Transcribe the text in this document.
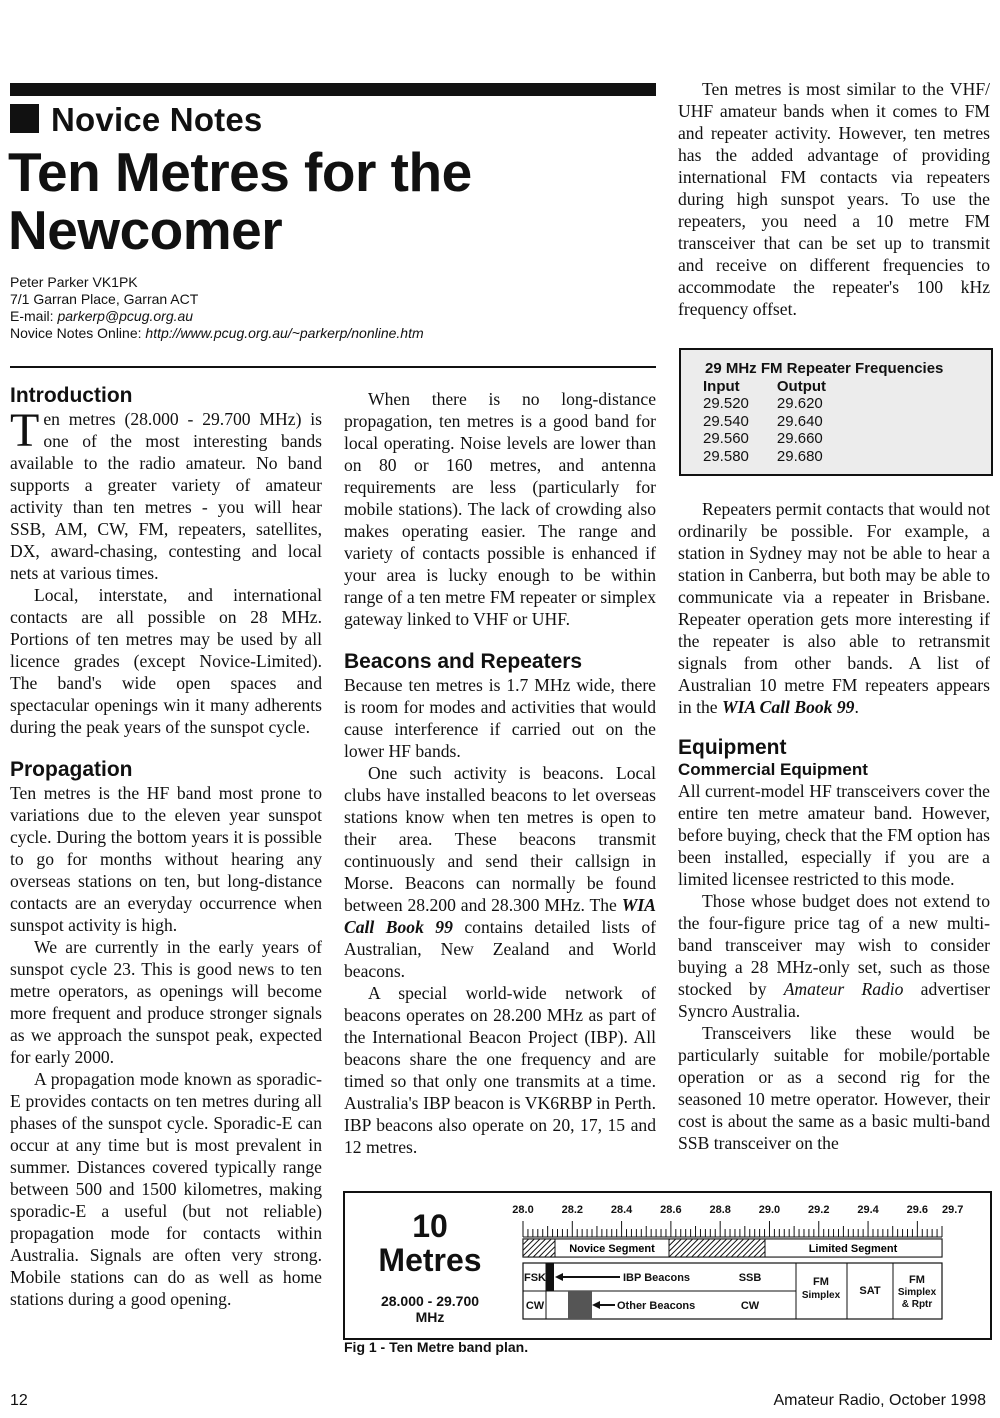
Novice Notes
Ten Metres for the Newcomer
Peter Parker VK1PK
7/1 Garran Place, Garran ACT
E-mail: parkerp@pcug.org.au
Novice Notes Online: http://www.pcug.org.au/~parkerp/nonline.htm
Introduction

Ten metres (28.000 - 29.700 MHz) is one of the most interesting bands available to the radio amateur. No band supports a greater variety of amateur activity than ten metres - you will hear SSB, AM, CW, FM, repeaters, satellites, DX, award-chasing, contesting and local nets at various times.

Local, interstate, and international contacts are all possible on 28 MHz. Portions of ten metres may be used by all licence grades (except Novice-Limited). The band's wide open spaces and spectacular openings win it many adherents during the peak years of the sunspot cycle.

Propagation

Ten metres is the HF band most prone to variations due to the eleven year sunspot cycle. During the bottom years it is possible to go for months without hearing any overseas stations on ten, but long-distance contacts are an everyday occurrence when sunspot activity is high.

We are currently in the early years of sunspot cycle 23. This is good news to ten metre operators, as openings will become more frequent and produce stronger signals as we approach the sunspot peak, expected for early 2000.

A propagation mode known as sporadic-E provides contacts on ten metres during all phases of the sunspot cycle. Sporadic-E can occur at any time but is most prevalent in summer. Distances covered typically range between 500 and 1500 kilometres, making sporadic-E a useful (but not reliable) propagation mode for contacts within Australia. Signals are often very strong. Mobile stations can do as well as home stations during a good opening.

When there is no long-distance propagation, ten metres is a good band for local operating. Noise levels are lower than on 80 or 160 metres, and antenna requirements are less (particularly for mobile stations). The lack of crowding also makes operating easier. The range and variety of contacts possible is enhanced if your area is lucky enough to be within range of a ten metre FM repeater or simplex gateway linked to VHF or UHF.

Beacons and Repeaters

Because ten metres is 1.7 MHz wide, there is room for modes and activities that would cause interference if carried out on the lower HF bands.

One such activity is beacons. Local clubs have installed beacons to let overseas stations know when ten metres is open to their area. These beacons transmit continuously and send their callsign in Morse. Beacons can normally be found between 28.200 and 28.300 MHz. The WIA Call Book 99 contains detailed lists of Australian, New Zealand and World beacons.

A special world-wide network of beacons operates on 28.200 MHz as part of the International Beacon Project (IBP). All beacons share the one frequency and are timed so that only one transmits at a time. Australia's IBP beacon is VK6RBP in Perth. IBP beacons also operate on 20, 17, 15 and 12 metres.

Ten metres is most similar to the VHF/ UHF amateur bands when it comes to FM and repeater activity. However, ten metres has the added advantage of providing international FM contacts via repeaters during high sunspot years. To use the repeaters, you need a 10 metre FM transceiver that can be set up to transmit and receive on different frequencies to accommodate the repeater's 100 kHz frequency offset.

29 MHz FM Repeater Frequencies
Input	Output
29.520	29.620
29.540	29.640
29.560	29.660
29.580	29.680

Repeaters permit contacts that would not ordinarily be possible. For example, a station in Sydney may not be able to hear a station in Canberra, but both may be able to communicate via a repeater in Brisbane. Repeater operation gets more interesting if the repeater is also able to retransmit signals from other bands. A list of Australian 10 metre FM repeaters appears in the WIA Call Book 99.

Equipment
Commercial Equipment

All current-model HF transceivers cover the entire ten metre amateur band. However, before buying, check that the FM option has been installed, especially if you are a limited licensee restricted to this mode.

Those whose budget does not extend to the four-figure price tag of a new multi-band transceiver may wish to consider buying a 28 MHz-only set, such as those stocked by Amateur Radio advertiser Syncro Australia.

Transceivers like these would be particularly suitable for mobile/portable operation or as a second rig for the seasoned 10 metre operator. However, their cost is about the same as a basic multi-band SSB transceiver on the

10
Metres
28.000 - 29.700
MHz
28.0	28.2	28.4	28.6	28.8	29.0	29.2	29.4	29.6 29.7
Novice Segment	Limited Segment
FSK	IBP Beacons	SSB
CW	Other Beacons	CW
FM
Simplex SAT
FM
Simplex
& Rptr
Fig 1 - Ten Metre band plan.
12	Amateur Radio, October 1998
